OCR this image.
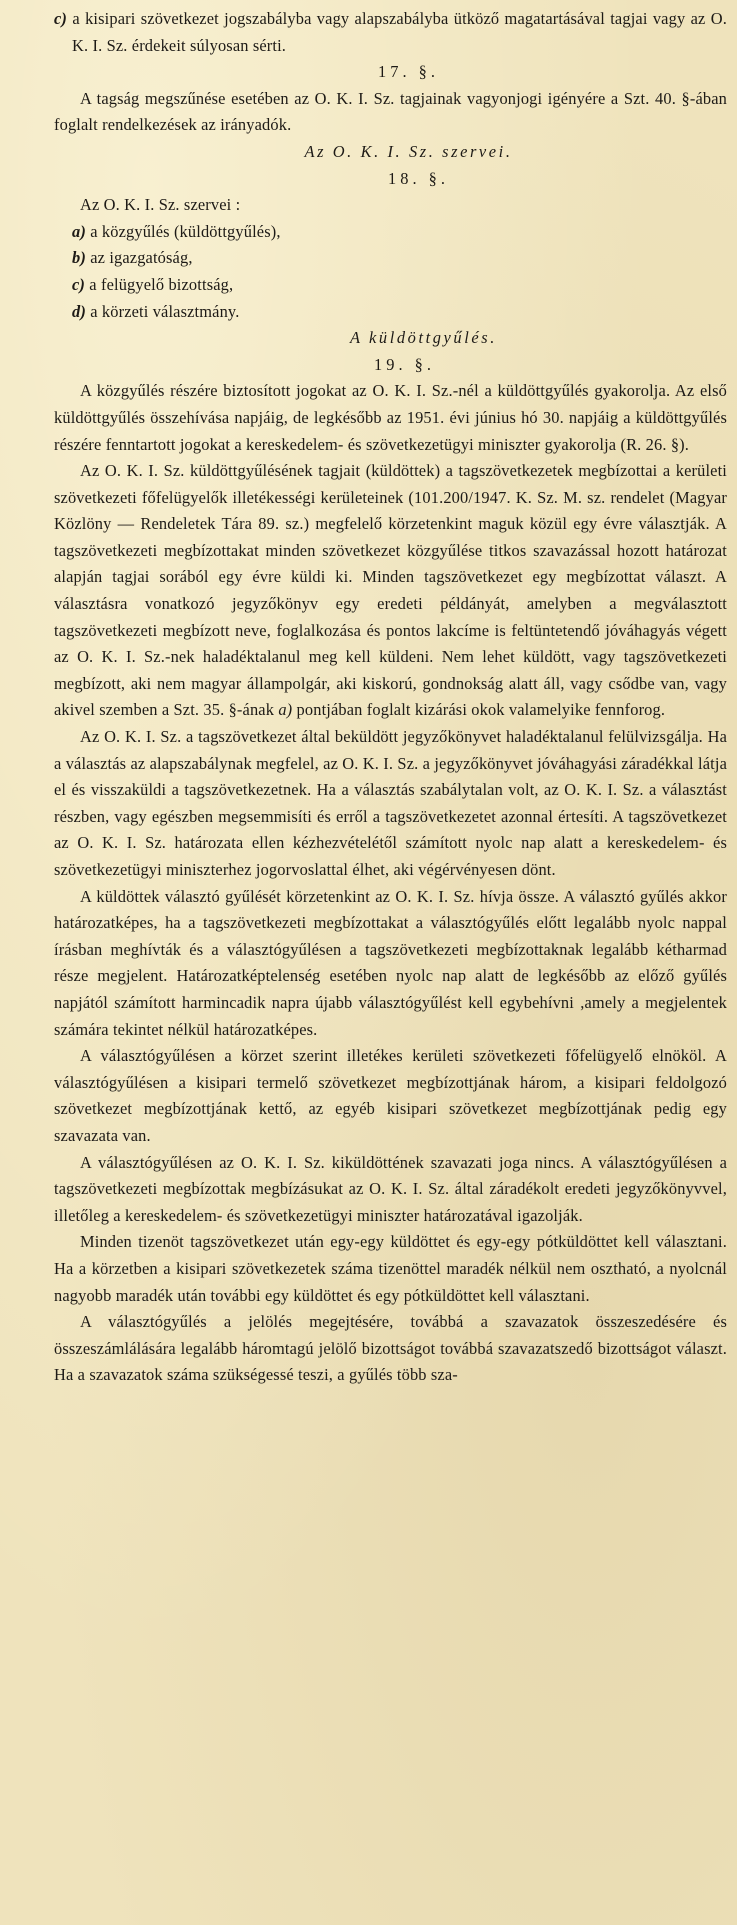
c) a kisipari szövetkezet jogszabályba vagy alapszabályba ütköző magatartásával tagjai vagy az O. K. I. Sz. érdekeit súlyosan sérti.

17. §.

A tagság megszűnése esetében az O. K. I. Sz. tagjainak vagyonjogi igényére a Szt. 40. §-ában foglalt rendelkezések az irányadók.

Az O. K. I. Sz. szervei.

18. §.

Az O. K. I. Sz. szervei :

a) a közgyűlés (küldöttgyűlés),

b) az igazgatóság,

c) a felügyelő bizottság,

d) a körzeti választmány.

A küldöttgyűlés.

19. §.

A közgyűlés részére biztosított jogokat az O. K. I. Sz.-nél a küldöttgyűlés gyakorolja. Az első küldöttgyűlés összehívása napjáig, de legkésőbb az 1951. évi június hó 30. napjáig a küldöttgyűlés részére fenntartott jogokat a kereskedelem- és szövetkezetügyi miniszter gyakorolja (R. 26. §).

Az O. K. I. Sz. küldöttgyűlésének tagjait (küldöttek) a tagszövetkezetek megbízottai a kerületi szövetkezeti főfelügyelők illetékességi kerületeinek (101.200/1947. K. Sz. M. sz. rendelet (Magyar Közlöny — Rendeletek Tára 89. sz.) megfelelő körzetenkint maguk közül egy évre választják. A tagszövetkezeti megbízottakat minden szövetkezet közgyűlése titkos szavazással hozott határozat alapján tagjai sorából egy évre küldi ki. Minden tagszövetkezet egy megbízottat választ. A választásra vonatkozó jegyzőkönyv egy eredeti példányát, amelyben a megválasztott tagszövetkezeti megbízott neve, foglalkozása és pontos lakcíme is feltüntetendő jóváhagyás végett az O. K. I. Sz.-nek haladéktalanul meg kell küldeni. Nem lehet küldött, vagy tagszövetkezeti megbízott, aki nem magyar állampolgár, aki kiskorú, gondnokság alatt áll, vagy csődbe van, vagy akivel szemben a Szt. 35. §-ának a) pontjában foglalt kizárási okok valamelyike fennforog.

Az O. K. I. Sz. a tagszövetkezet által beküldött jegyzőkönyvet haladéktalanul felülvizsgálja. Ha a választás az alapszabálynak megfelel, az O. K. I. Sz. a jegyzőkönyvet jóváhagyási záradékkal látja el és visszaküldi a tagszövetkezetnek. Ha a választás szabálytalan volt, az O. K. I. Sz. a választást részben, vagy egészben megsemmisíti és erről a tagszövetkezetet azonnal értesíti. A tagszövetkezet az O. K. I. Sz. határozata ellen kézhezvételétől számított nyolc nap alatt a kereskedelem- és szövetkezetügyi miniszterhez jogorvoslattal élhet, aki végérvényesen dönt.

A küldöttek választó gyűlését körzetenkint az O. K. I. Sz. hívja össze. A választó gyűlés akkor határozatképes, ha a tagszövetkezeti megbízottakat a választógyűlés előtt legalább nyolc nappal írásban meghívták és a választógyűlésen a tagszövetkezeti megbízottaknak legalább kétharmad része megjelent. Határozatképtelenség esetében nyolc nap alatt de legkésőbb az előző gyűlés napjától számított harmincadik napra újabb választógyűlést kell egybehívni ,amely a megjelentek számára tekintet nélkül határozatképes.

A választógyűlésen a körzet szerint illetékes kerületi szövetkezeti főfelügyelő elnököl. A választógyűlésen a kisipari termelő szövetkezet megbízottjának három, a kisipari feldolgozó szövetkezet megbízottjának kettő, az egyéb kisipari szövetkezet megbízottjának pedig egy szavazata van.

A választógyűlésen az O. K. I. Sz. kiküldöttének szavazati joga nincs. A választógyűlésen a tagszövetkezeti megbízottak megbízásukat az O. K. I. Sz. által záradékolt eredeti jegyzőkönyvvel, illetőleg a kereskedelem- és szövetkezetügyi miniszter határozatával igazolják.

Minden tizenöt tagszövetkezet után egy-egy küldöttet és egy-egy pótküldöttet kell választani. Ha a körzetben a kisipari szövetkezetek száma tizenöttel maradék nélkül nem osztható, a nyolcnál nagyobb maradék után további egy küldöttet és egy pótküldöttet kell választani.

A választógyűlés a jelölés megejtésére, továbbá a szavazatok összeszedésére és összeszámlálására legalább háromtagú jelölő bizottságot továbbá szavazatszedő bizottságot választ. Ha a szavazatok száma szükségessé teszi, a gyűlés több sza-
